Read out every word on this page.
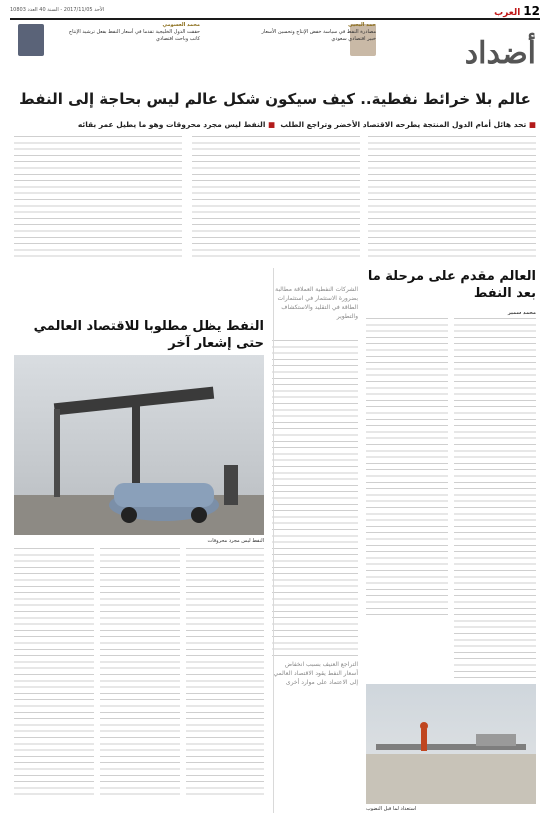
12العرب
الأحد 2017/11/05 - السنة 40 العدد 10803
حمد اليحيى
مصادرة النفط في سياسة خفض الإنتاج وتحسين الأسعار
خبير اقتصادي سعودي
محمد العسومي
حققت الدول الخليجية تقدما في أسعار النفط بفعل ترشيد الإنتاج
كاتب وباحث اقتصادي	أضداد
عالم بلا خرائط نفطية.. كيف سيكون شكل عالم ليس بحاجة إلى النفط
■ تحد هائل أمام الدول المنتجة يطرحه الاقتصاد الأخضر وتراجع الطلب  ■ النفط ليس مجرد محروقات وهو ما يطيل عمر بقائه
العالم مقدم على مرحلة ما بعد النفط
محمد سمير
الشركات النفطية العملاقة مطالبة بضرورة الاستثمار في استثمارات الطاقة في التقليد والاستكشاف والتطوير
التراجع العنيف بسبب انخفاض أسعار النفط يقود الاقتصاد العالمي إلى الاعتماد على موارد أخرى
النفط يظل مطلوبا للاقتصاد العالمي حتى إشعار آخر
النفط ليس مجرد محروقات
استعداد لما قبل النضوب
